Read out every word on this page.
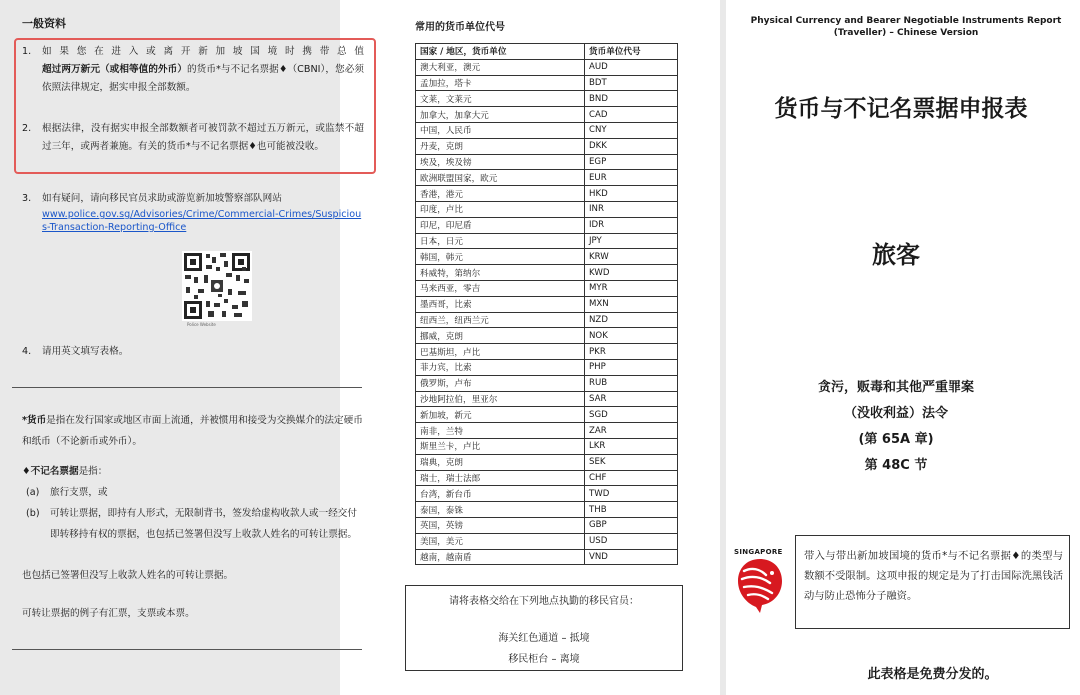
一般资料
1.	如果您在进入或离开新加坡国境时携带总值超过两万新元（或相等值的外币）的货币*与不记名票据♦（CBNI），您必须依照法律规定，据实申报全部数额。
2.	根据法律，没有据实申报全部数额者可被罚款不超过五万新元，或监禁不超过三年，或两者兼施。有关的货币*与不记名票据♦也可能被没收。
3.	如有疑问，请向移民官员求助或游览新加坡警察部队网站
www.police.gov.sg/Advisories/Crime/Commercial-Crimes/Suspicious-Transaction-Reporting-Office
Police Website
4.	请用英文填写表格。
*货币是指在发行国家或地区市面上流通，并被惯用和接受为交换媒介的法定硬币和纸币（不论新币或外币）。
♦不记名票据是指：
(a) 旅行支票，或
(b) 可转让票据，即持有人形式，无限制背书，签发给虚构收款人或一经交付即转移持有权的票据，也包括已签署但没写上收款人姓名的可转让票据。
也包括已签署但没写上收款人姓名的可转让票据。
可转让票据的例子有汇票，支票或本票。
常用的货币单位代号
国家 / 地区，货币单位	货币单位代号
澳大利亚，澳元	AUD
孟加拉，塔卡	BDT
文莱，文莱元	BND
加拿大，加拿大元	CAD
中国，人民币	CNY
丹麦，克朗	DKK
埃及，埃及镑	EGP
欧洲联盟国家，欧元	EUR
香港，港元	HKD
印度，卢比	INR
印尼，印尼盾	IDR
日本，日元	JPY
韩国，韩元	KRW
科威特，第纳尔	KWD
马来西亚，零吉	MYR
墨西哥，比索	MXN
纽西兰，纽西兰元	NZD
挪威，克朗	NOK
巴基斯坦，卢比	PKR
菲力宾，比索	PHP
俄罗斯，卢布	RUB
沙地阿拉伯，里亚尔	SAR
新加坡，新元	SGD
南非，兰特	ZAR
斯里兰卡，卢比	LKR
瑞典，克朗	SEK
瑞士，瑞士法郎	CHF
台湾，新台币	TWD
泰国，泰铢	THB
英国，英镑	GBP
美国，美元	USD
越南，越南盾	VND
请将表格交给在下列地点执勤的移民官员：
海关红色通道 – 抵境
移民柜台 – 离境
Physical Currency and Bearer Negotiable Instruments Report
(Traveller) – Chinese Version
货币与不记名票据申报表
旅客
贪污，贩毒和其他严重罪案
（没收利益）法令
(第 65A 章)
第 48C 节
SINGAPORE	带入与带出新加坡国境的货币*与不记名票据♦的类型与数额不受限制。这项申报的规定是为了打击国际洗黑钱活动与防止恐怖分子融资。
此表格是免费分发的。
